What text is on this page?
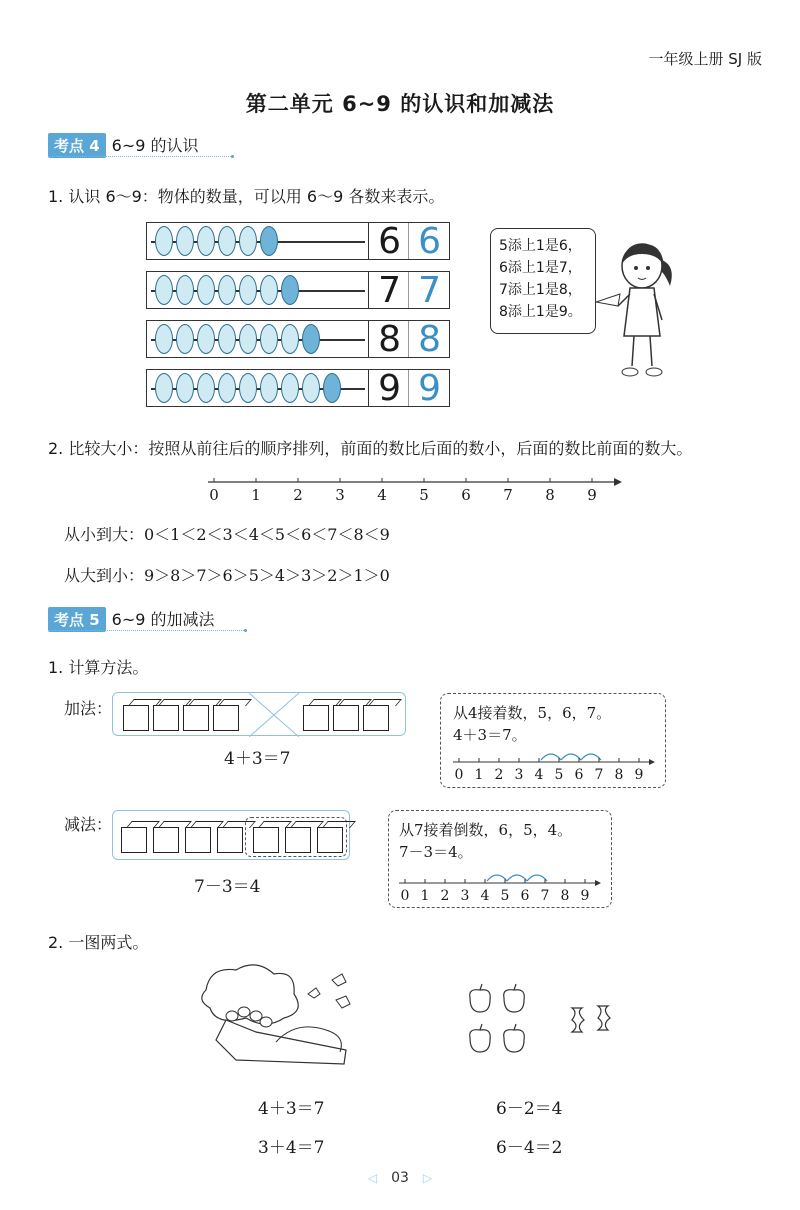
一年级上册 SJ 版
第二单元 6~9 的认识和加减法
考点 4 6~9 的认识
1. 认识 6～9：物体的数量，可以用 6～9 各数来表示。
6 6
7 7
8 8
9 9
5添上1是6，
6添上1是7，
7添上1是8，
8添上1是9。
2. 比较大小：按照从前往后的顺序排列，前面的数比后面的数小，后面的数比前面的数大。
0 1 2 3 4 5 6 7 8 9
从小到大：0＜1＜2＜3＜4＜5＜6＜7＜8＜9
从大到小：9＞8＞7＞6＞5＞4＞3＞2＞1＞0
考点 5 6~9 的加减法
1. 计算方法。
加法：
4＋3＝7
从4接着数，5，6，7。
4＋3＝7。
0 1 2 3 4 5 6 7 8 9
减法：
7－3＝4
从7接着倒数，6，5，4。
7－3＝4。
0 1 2 3 4 5 6 7 8 9
2. 一图两式。
4＋3＝7
3＋4＝7
6－2＝4
6－4＝2
◁ 03 ▷
